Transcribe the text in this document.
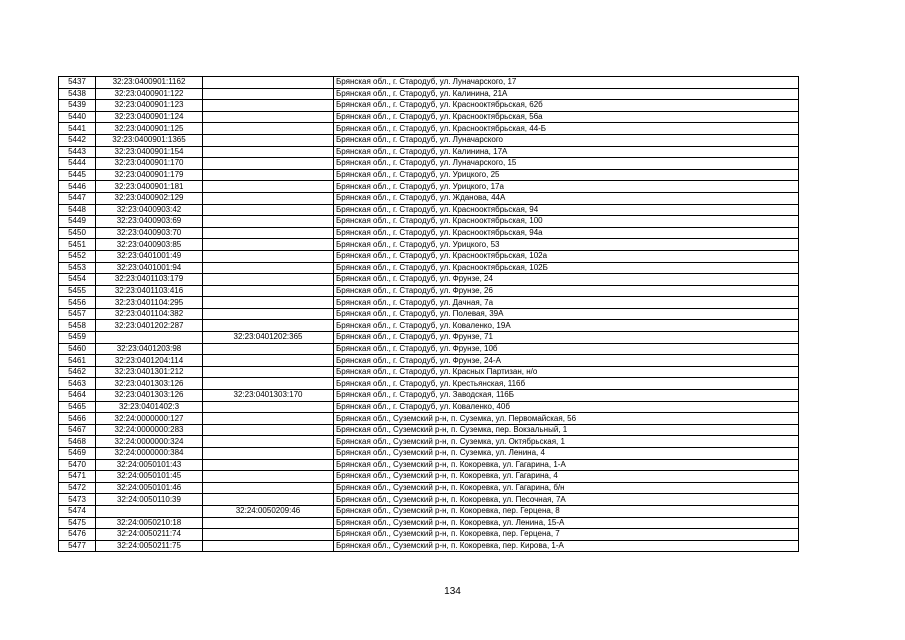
5437	32:23:0400901:1162		Брянская обл., г. Стародуб, ул. Луначарского, 17
5438	32:23:0400901:122		Брянская обл., г. Стародуб, ул. Калинина, 21А
5439	32:23:0400901:123		Брянская обл., г. Стародуб, ул. Краснооктябрьская, 62б
5440	32:23:0400901:124		Брянская обл., г. Стародуб, ул. Краснооктябрьская, 56а
5441	32:23:0400901:125		Брянская обл., г. Стародуб, ул. Краснооктябрьская, 44-Б
5442	32:23:0400901:1365		Брянская обл., г. Стародуб, ул. Луначарского
5443	32:23:0400901:154		Брянская обл., г. Стародуб, ул. Калинина, 17А
5444	32:23:0400901:170		Брянская обл., г. Стародуб, ул. Луначарского, 15
5445	32:23:0400901:179		Брянская обл., г. Стародуб, ул. Урицкого, 25
5446	32:23:0400901:181		Брянская обл., г. Стародуб, ул. Урицкого, 17а
5447	32:23:0400902:129		Брянская обл., г. Стародуб, ул. Жданова, 44А
5448	32:23:0400903:42		Брянская обл., г. Стародуб, ул. Краснооктябрьская, 94
5449	32:23:0400903:69		Брянская обл., г. Стародуб, ул. Краснооктябрьская, 100
5450	32:23:0400903:70		Брянская обл., г. Стародуб, ул. Краснооктябрьская, 94а
5451	32:23:0400903:85		Брянская обл., г. Стародуб, ул. Урицкого, 53
5452	32:23:0401001:49		Брянская обл., г. Стародуб, ул. Краснооктябрьская, 102а
5453	32:23:0401001:94		Брянская обл., г. Стародуб, ул. Краснооктябрьская, 102Б
5454	32:23:0401103:179		Брянская обл., г. Стародуб, ул. Фрунзе, 24
5455	32:23:0401103:416		Брянская обл., г. Стародуб, ул. Фрунзе, 26
5456	32:23:0401104:295		Брянская обл., г. Стародуб, ул. Дачная, 7а
5457	32:23:0401104:382		Брянская обл., г. Стародуб, ул. Полевая, 39А
5458	32:23:0401202:287		Брянская обл., г. Стародуб, ул. Коваленко, 19А
5459		32:23:0401202:365	Брянская обл., г. Стародуб, ул. Фрунзе, 71
5460	32:23:0401203:98		Брянская обл., г. Стародуб, ул. Фрунзе, 10б
5461	32:23:0401204:114		Брянская обл., г. Стародуб, ул. Фрунзе, 24-А
5462	32:23:0401301:212		Брянская обл., г. Стародуб, ул. Красных Партизан, н/о
5463	32:23:0401303:126		Брянская обл., г. Стародуб, ул. Крестьянская, 116б
5464	32:23:0401303:126	32:23:0401303:170	Брянская обл., г. Стародуб, ул. Заводская, 116Б
5465	32:23:0401402:3		Брянская обл., г. Стародуб, ул. Коваленко, 40б
5466	32:24:0000000:127		Брянская обл., Суземский р-н, п. Суземка, ул. Первомайская, 56
5467	32:24:0000000:283		Брянская обл., Суземский р-н, п. Суземка, пер. Вокзальный, 1
5468	32:24:0000000:324		Брянская обл., Суземский р-н, п. Суземка, ул. Октябрьская, 1
5469	32:24:0000000:384		Брянская обл., Суземский р-н, п. Суземка, ул. Ленина, 4
5470	32:24:0050101:43		Брянская обл., Суземский р-н, п. Кокоревка, ул. Гагарина, 1-А
5471	32:24:0050101:45		Брянская обл., Суземский р-н, п. Кокоревка, ул. Гагарина, 4
5472	32:24:0050101:46		Брянская обл., Суземский р-н, п. Кокоревка, ул. Гагарина, б/н
5473	32:24:0050110:39		Брянская обл., Суземский р-н, п. Кокоревка, ул. Песочная, 7А
5474		32:24:0050209:46	Брянская обл., Суземский р-н, п. Кокоревка, пер. Герцена, 8
5475	32:24:0050210:18		Брянская обл., Суземский р-н, п. Кокоревка, ул. Ленина, 15-А
5476	32:24:0050211:74		Брянская обл., Суземский р-н, п. Кокоревка, пер. Герцена, 7
5477	32:24:0050211:75		Брянская обл., Суземский р-н, п. Кокоревка, пер. Кирова, 1-А
134
